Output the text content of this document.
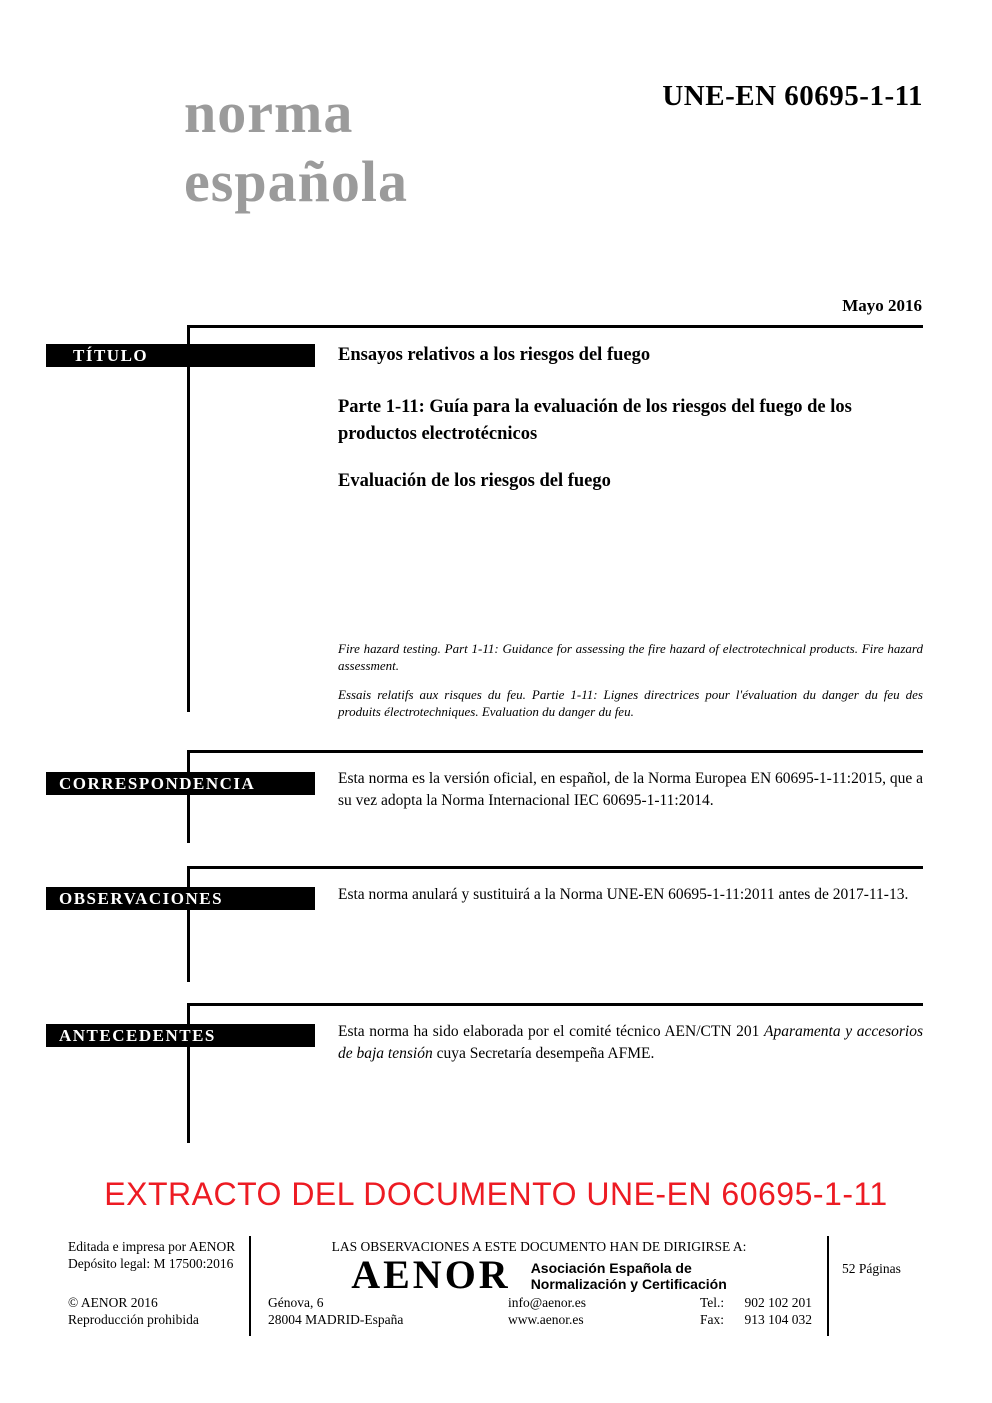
norma
española
UNE-EN 60695-1-11
Mayo 2016
TÍTULO	Ensayos relativos a los riesgos del fuego
Parte 1-11: Guía para la evaluación de los riesgos del fuego de los productos electrotécnicos
Evaluación de los riesgos del fuego
Fire hazard testing. Part 1-11: Guidance for assessing the fire hazard of electrotechnical products. Fire hazard assessment.
Essais relatifs aux risques du feu. Partie 1-11: Lignes directrices pour l'évaluation du danger du feu des produits électrotechniques. Evaluation du danger du feu.
CORRESPONDENCIA	Esta norma es la versión oficial, en español, de la Norma Europea EN 60695-1-11:2015, que a su vez adopta la Norma Internacional IEC 60695-1-11:2014.
OBSERVACIONES	Esta norma anulará y sustituirá a la Norma UNE-EN 60695-1-11:2011 antes de 2017-11-13.
ANTECEDENTES	Esta norma ha sido elaborada por el comité técnico AEN/CTN 201 Aparamenta y accesorios de baja tensión cuya Secretaría desempeña AFME.
EXTRACTO DEL DOCUMENTO UNE-EN 60695-1-11
Editada e impresa por AENOR
Depósito legal: M 17500:2016
© AENOR 2016
Reproducción prohibida
LAS OBSERVACIONES A ESTE DOCUMENTO HAN DE DIRIGIRSE A:
AENOR Asociación Española de
Normalización y Certificación
Génova, 6
28004 MADRID-España
info@aenor.es
www.aenor.es
Tel.: 902 102 201
Fax: 913 104 032
52 Páginas
